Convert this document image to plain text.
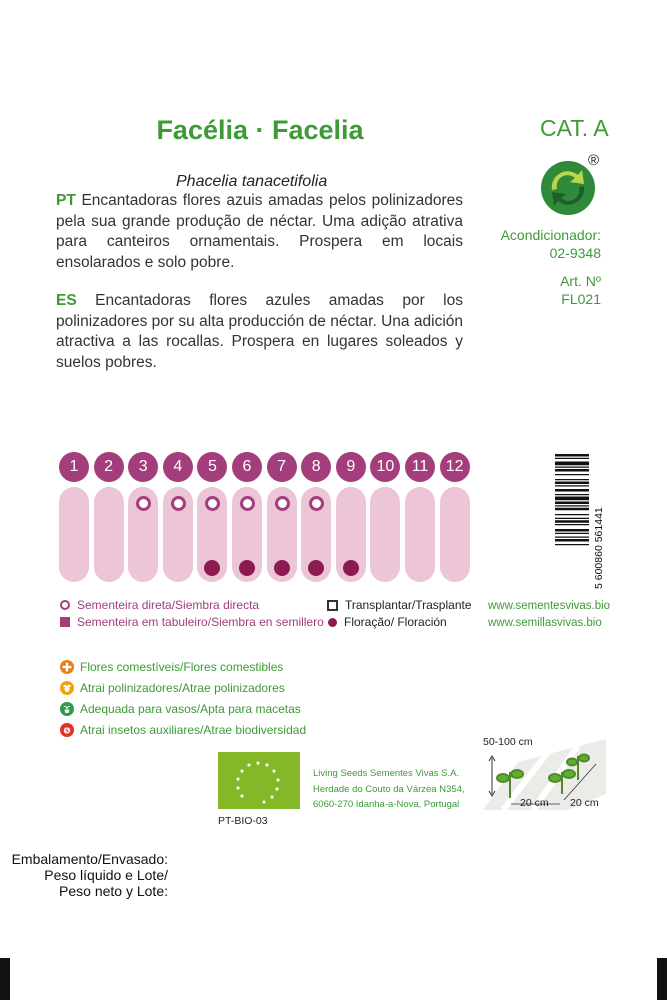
Facélia · Facelia	CAT. A
®
Acondicionador:
02-9348
Art. Nº
FL021
Phacelia tanacetifolia
PT Encantadoras flores azuis amadas pelos polinizadores pela sua grande produção de néctar. Uma adição atrativa para canteiros ornamentais. Prospera em locais ensolarados e solo pobre.
ES Encantadoras flores azules amadas por los polinizadores por su alta producción de néctar. Una adición atractiva a las rocallas. Prospera en lugares soleados y suelos pobres.
1	2	3	4	5	6	7	8	9	10	11	12
5 600860 561441
Sementeira direta/Siembra directa
Sementeira em tabuleiro/Siembra en semillero
Transplantar/Trasplante
Floração/ Floración
www.sementesvivas.bio
www.semillasvivas.bio
Flores comestíveis/Flores comestibles
Atrai polinizadores/Atrae polinizadores
Adequada para vasos/Apta para macetas
Atrai insetos auxiliares/Atrae biodiversidad
PT-BIO-03
Living Seeds Sementes Vivas S.A.
Herdade do Couto da Várzea N354,
6060-270 Idanha-a-Nova, Portugal
50-100 cm
20 cm 20 cm
Embalamento/Envasado:
Peso líquido e Lote/
Peso neto y Lote:
